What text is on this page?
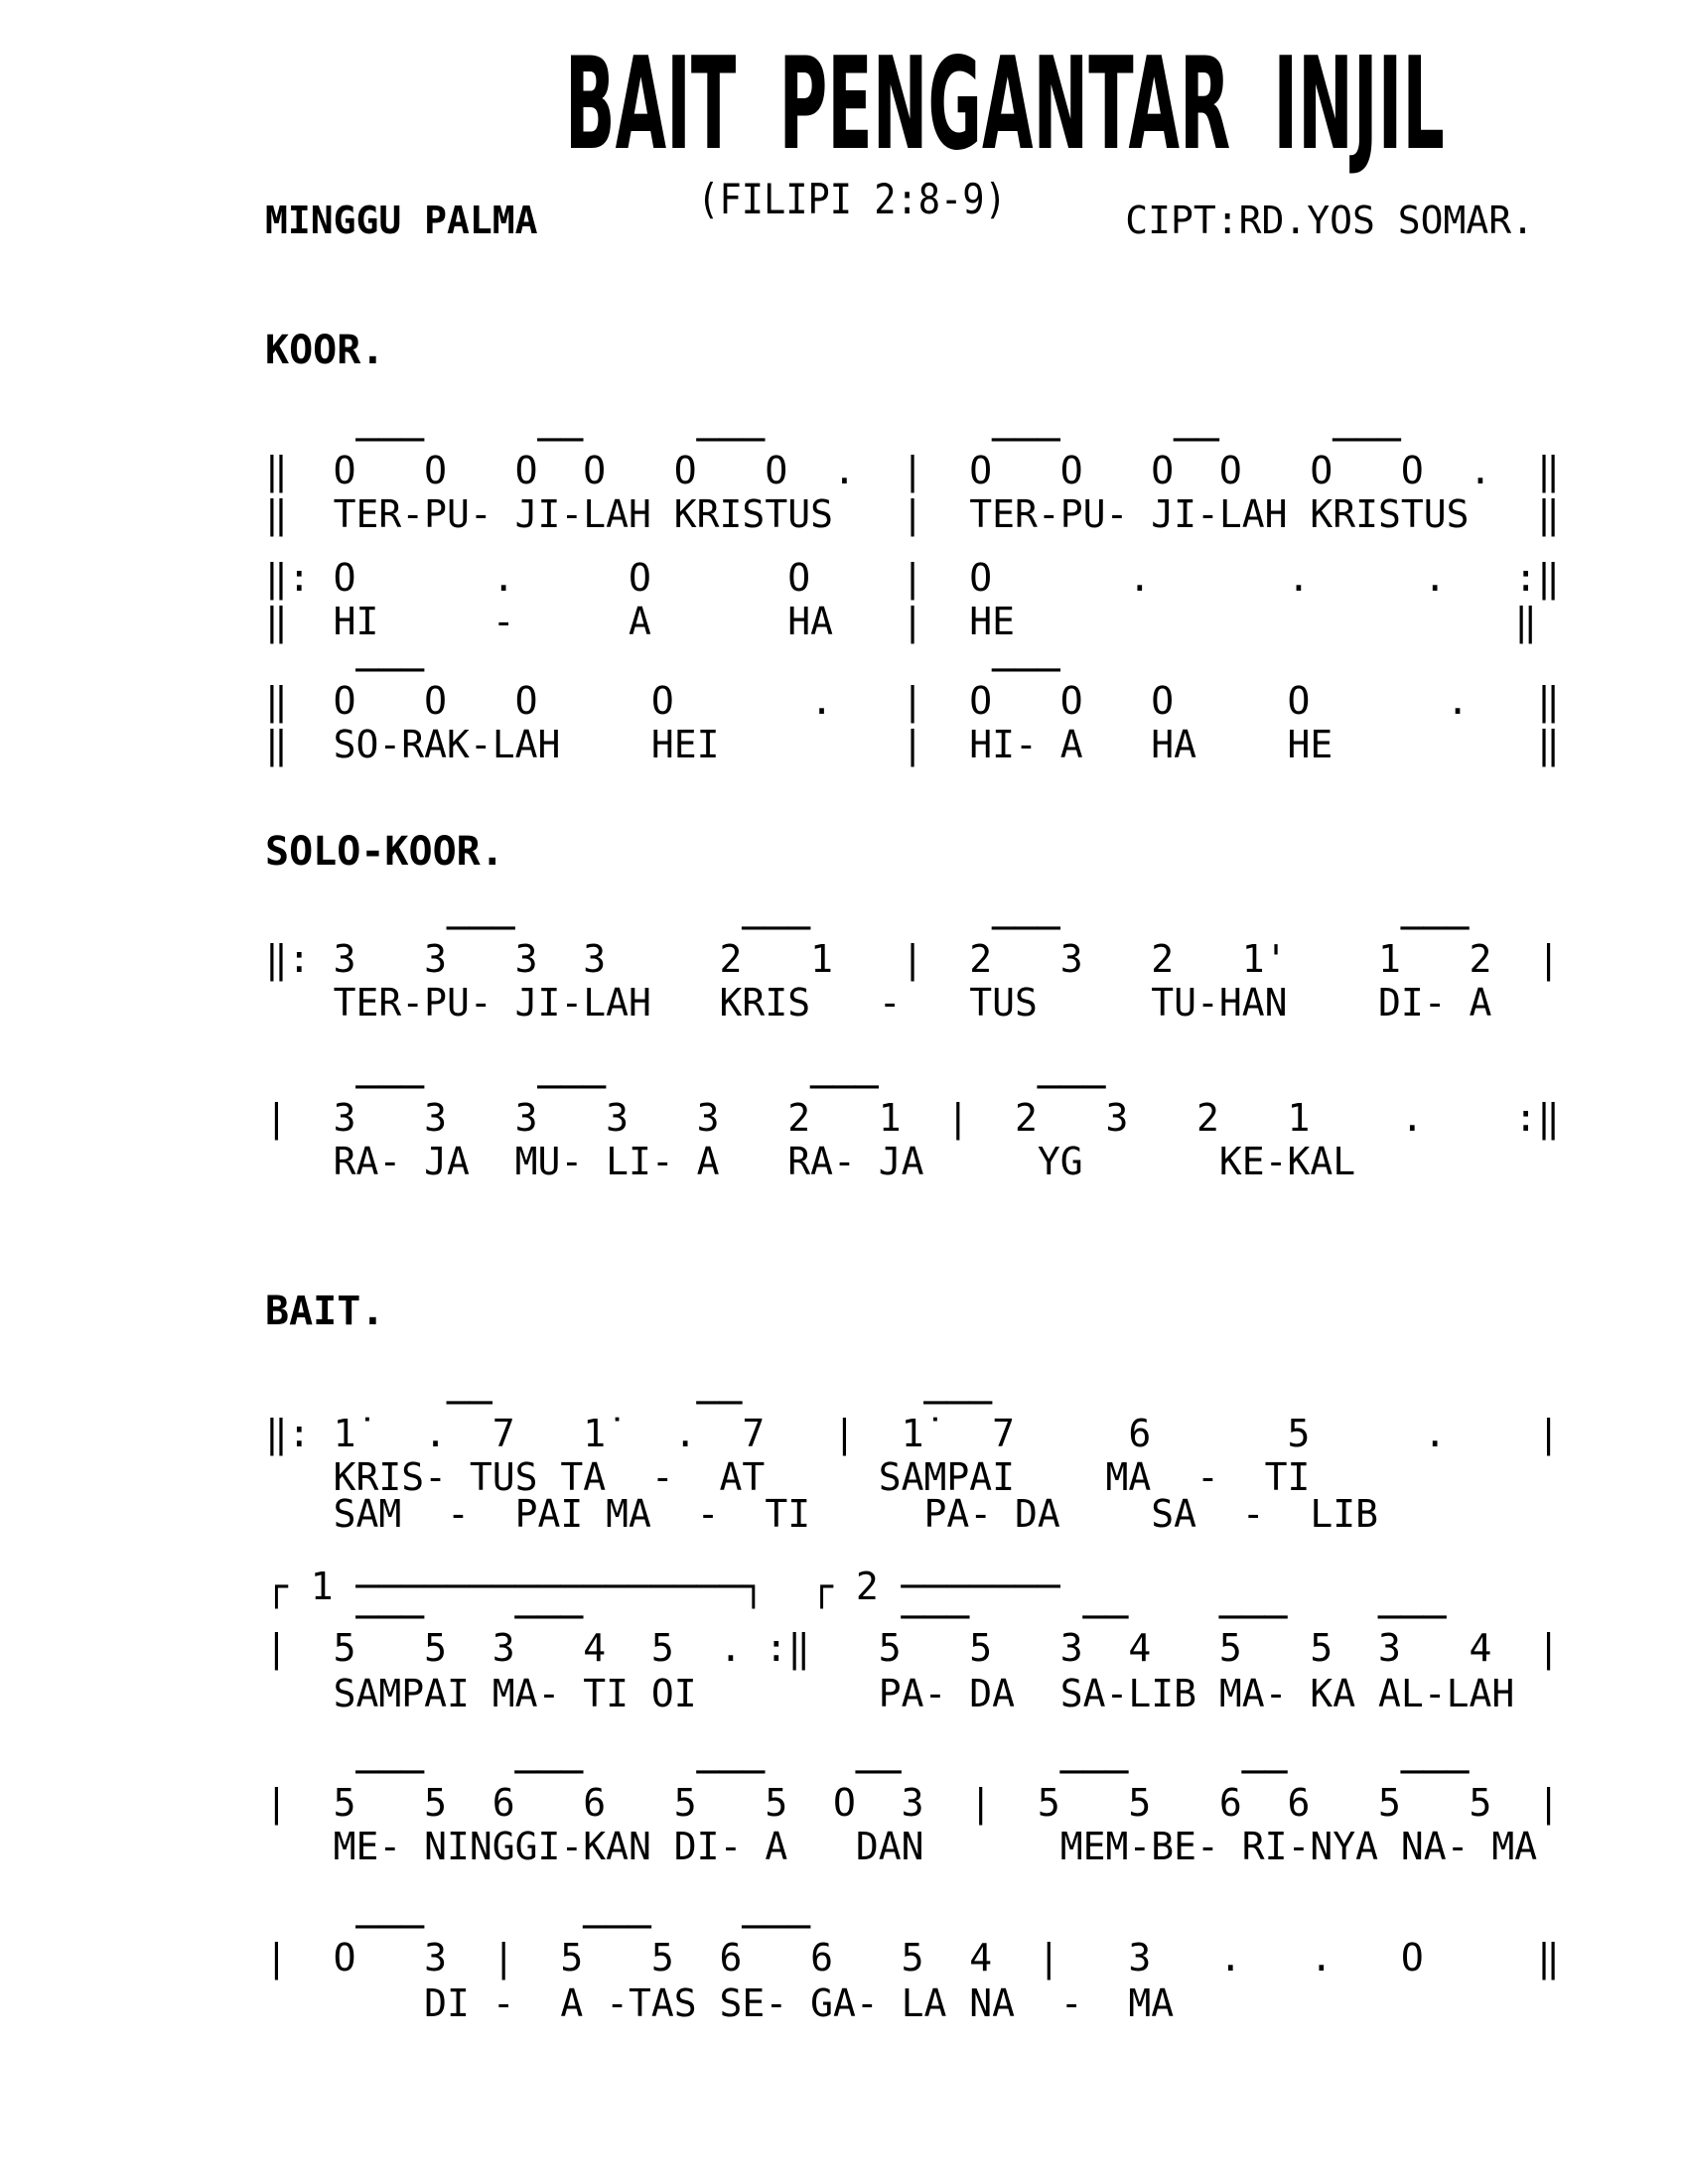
BAIT PENGANTAR INJIL
(FILIPI 2:8-9)
MINGGU PALMA	CIPT:RD.YOS SOMAR.
KOOR.
───     ──     ───          ───     ──     ───
‖  O   O   O  O   O   O  .  |  O   O   O  O   O   O  .  ‖
‖  TER-PU- JI-LAH KRISTUS   |  TER-PU- JI-LAH KRISTUS   ‖
‖: O      .     O      O    |  O      .      .     .   :‖
‖  HI     -     A      HA   |  HE                      ‖
───                         ───
‖  O   O   O     O      .   |  O   O   O     O      .   ‖
‖  SO-RAK-LAH    HEI        |  HI- A   HA    HE         ‖
SOLO-KOOR.
───          ───        ───               ───
‖: 3   3   3  3     2   1   |  2   3   2   1'    1   2  |
TER-PU- JI-LAH   KRIS   -   TUS     TU-HAN    DI- A
───     ───         ───       ───
|  3   3   3   3   3   2   1  |  2   3   2   1    .    :‖
RA- JA  MU- LI- A   RA- JA     YG      KE-KAL
BAIT.
──         ──        ───
‖: 1̇   .  7   1̇   .  7   |  1̇   7     6      5     .    |
KRIS- TUS TA  -  AT     SAMPAI    MA  -  TI
SAM  -  PAI MA  -  TI     PA- DA    SA  -  LIB
┌ 1 ─────────────────┐  ┌ 2 ───────
───    ───              ───     ──    ───    ───
|  5   5  3   4  5  . :‖   5   5   3  4   5   5  3   4  |
SAMPAI MA- TI OI        PA- DA  SA-LIB MA- KA AL-LAH
───    ───     ───    ──       ───     ──     ───
|  5   5  6   6   5   5  O  3  |  5   5   6  6   5   5  |
ME- NINGGI-KAN DI- A   DAN      MEM-BE- RI-NYA NA- MA
───       ───    ───
|  O   3  |  5   5  6   6   5  4  |   3   .   .   O     ‖
DI -  A -TAS SE- GA- LA NA  -  MA
